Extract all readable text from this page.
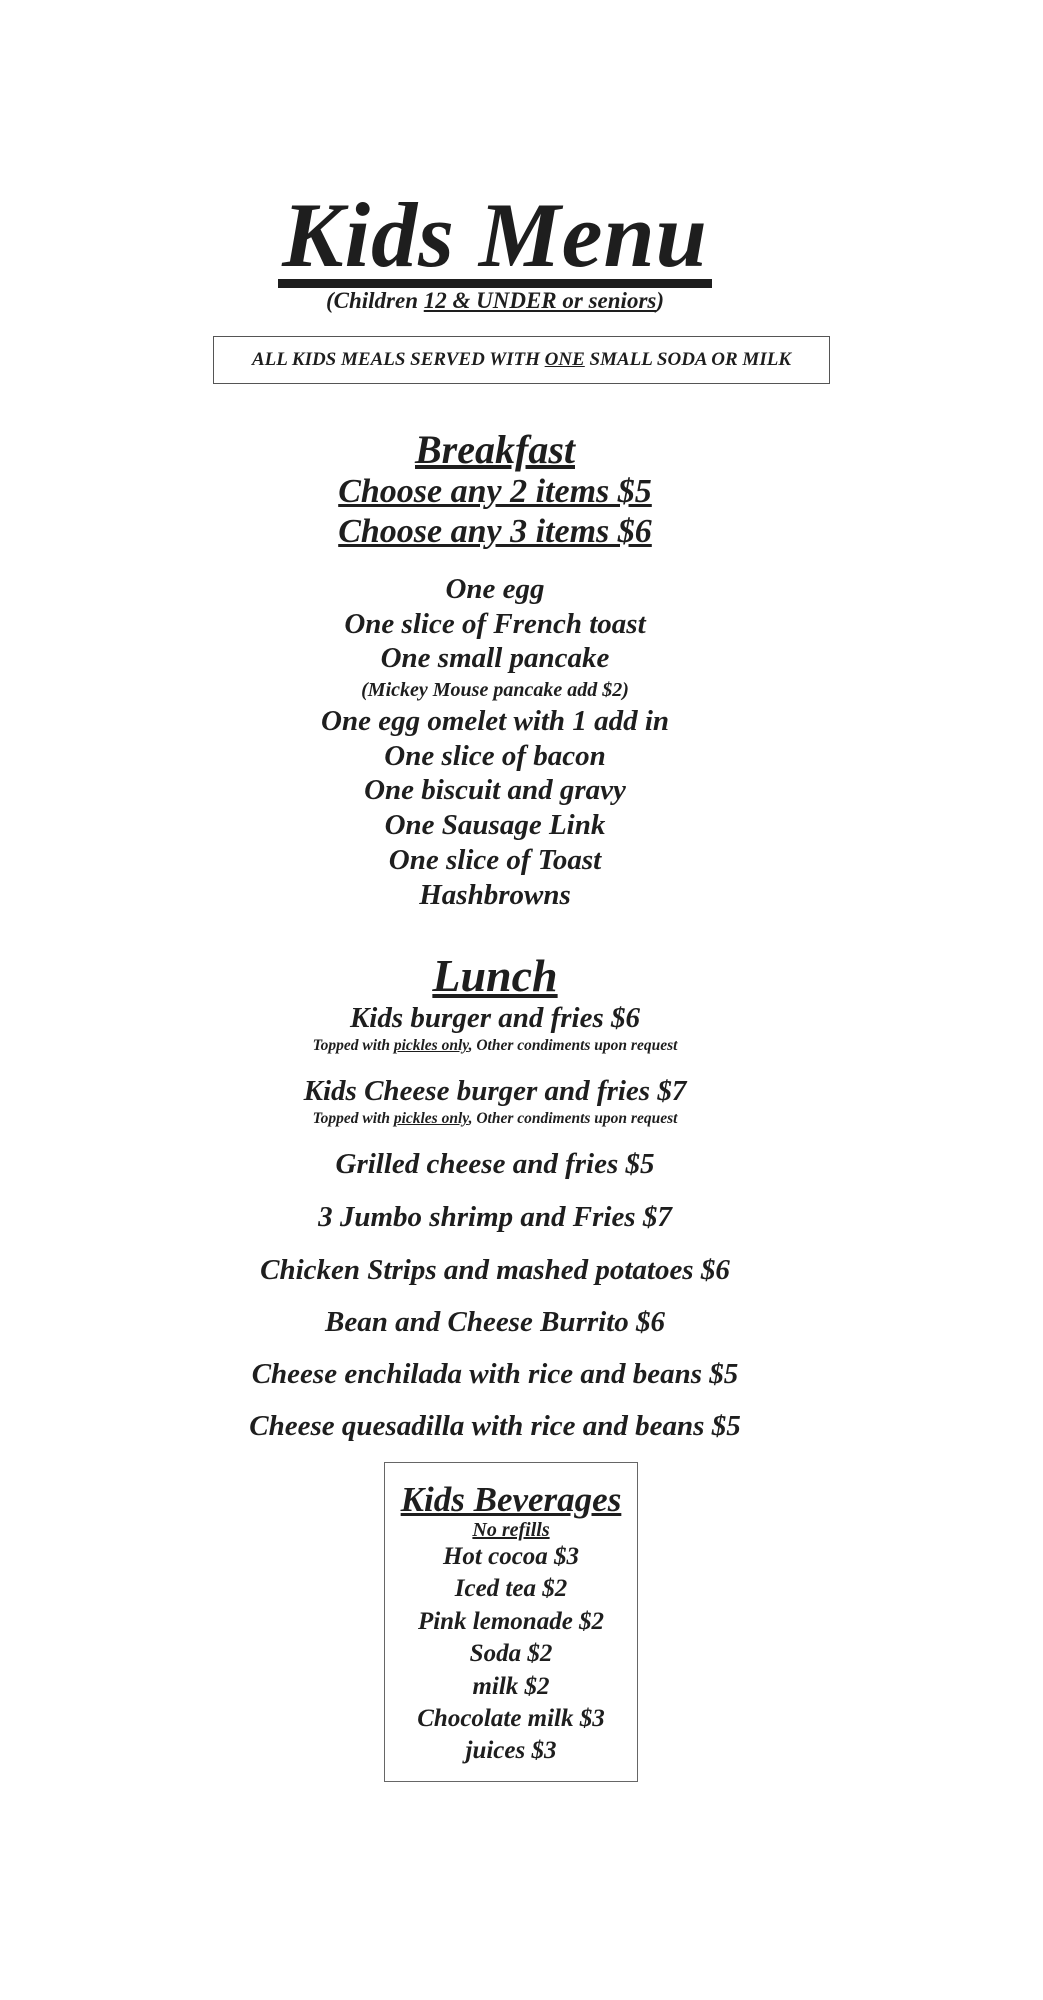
Kids Menu
(Children 12 & UNDER or seniors)
ALL KIDS MEALS SERVED WITH ONE SMALL SODA OR MILK
Breakfast
Choose any 2 items $5
Choose any 3 items $6
One egg
One slice of French toast
One small pancake
(Mickey Mouse pancake add $2)
One egg omelet with 1 add in
One slice of bacon
One biscuit and gravy
One Sausage Link
One slice of Toast
Hashbrowns
Lunch
Kids burger and fries $6
Topped with pickles only, Other condiments upon request
Kids Cheese burger and fries $7
Topped with pickles only, Other condiments upon request
Grilled cheese and fries $5
3 Jumbo shrimp and Fries $7
Chicken Strips and mashed potatoes $6
Bean and Cheese Burrito $6
Cheese enchilada with rice and beans $5
Cheese quesadilla with rice and beans $5
Kids Beverages
No refills
Hot cocoa $3
Iced tea $2
Pink lemonade $2
Soda $2
milk $2
Chocolate milk $3
juices $3
